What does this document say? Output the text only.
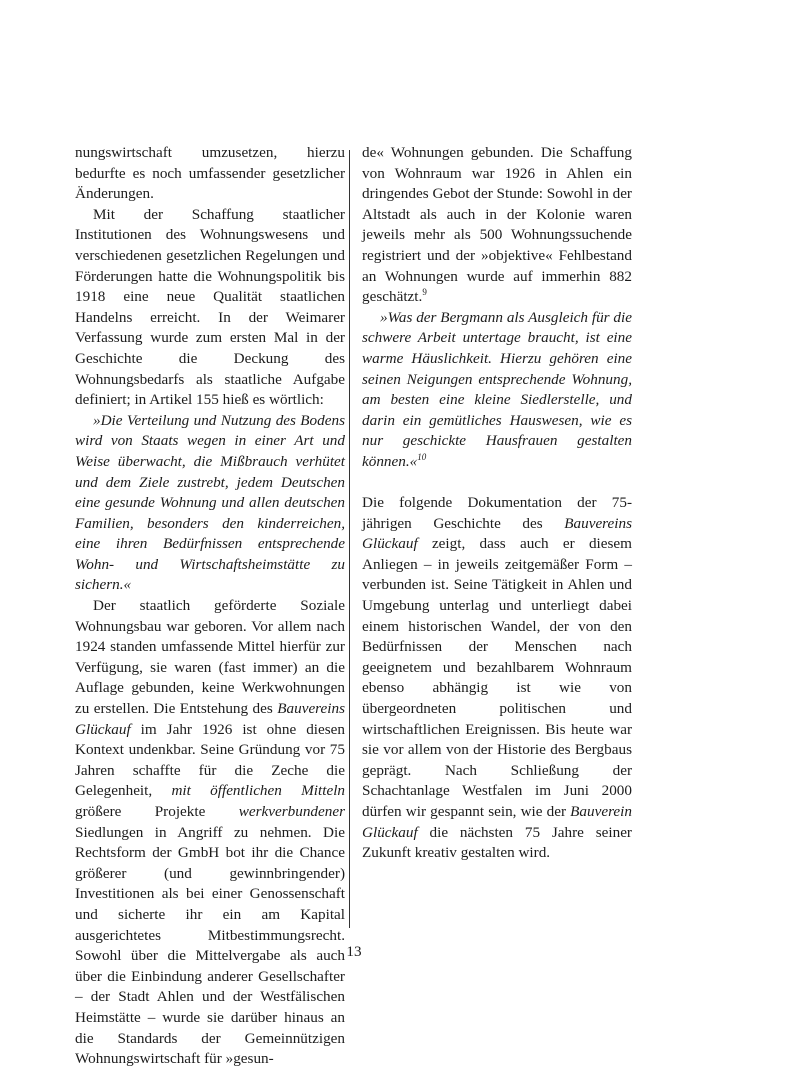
nungswirtschaft umzusetzen, hierzu bedurfte es noch umfassender gesetzlicher Änderungen.

Mit der Schaffung staatlicher Institutionen des Wohnungswesens und verschiedenen gesetzlichen Regelungen und Förderungen hatte die Wohnungspolitik bis 1918 eine neue Qualität staatlichen Handelns erreicht. In der Weimarer Verfassung wurde zum ersten Mal in der Geschichte die Deckung des Wohnungsbedarfs als staatliche Aufgabe definiert; in Artikel 155 hieß es wörtlich:

»Die Verteilung und Nutzung des Bodens wird von Staats wegen in einer Art und Weise überwacht, die Mißbrauch verhütet und dem Ziele zustrebt, jedem Deutschen eine gesunde Wohnung und allen deutschen Familien, besonders den kinderreichen, eine ihren Bedürfnissen entsprechende Wohn- und Wirtschaftsheimstätte zu sichern.«

Der staatlich geförderte Soziale Wohnungsbau war geboren. Vor allem nach 1924 standen umfassende Mittel hierfür zur Verfügung, sie waren (fast immer) an die Auflage gebunden, keine Werkwohnungen zu erstellen. Die Entstehung des Bauvereins Glückauf im Jahr 1926 ist ohne diesen Kontext undenkbar. Seine Gründung vor 75 Jahren schaffte für die Zeche die Gelegenheit, mit öffentlichen Mitteln größere Projekte werkverbundener Siedlungen in Angriff zu nehmen. Die Rechtsform der GmbH bot ihr die Chance größerer (und gewinnbringender) Investitionen als bei einer Genossenschaft und sicherte ihr ein am Kapital ausgerichtetes Mitbestimmungsrecht. Sowohl über die Mittelvergabe als auch über die Einbindung anderer Gesellschafter – der Stadt Ahlen und der Westfälischen Heimstätte – wurde sie darüber hinaus an die Standards der Gemeinnützigen Wohnungswirtschaft für »gesun-

de« Wohnungen gebunden. Die Schaffung von Wohnraum war 1926 in Ahlen ein dringendes Gebot der Stunde: Sowohl in der Altstadt als auch in der Kolonie waren jeweils mehr als 500 Wohnungssuchende registriert und der »objektive« Fehlbestand an Wohnungen wurde auf immerhin 882 geschätzt.$^9$

»Was der Bergmann als Ausgleich für die schwere Arbeit untertage braucht, ist eine warme Häuslichkeit. Hierzu gehören eine seinen Neigungen entsprechende Wohnung, am besten eine kleine Siedlerstelle, und darin ein gemütliches Hauswesen, wie es nur geschickte Hausfrauen gestalten können.«$^{10}$

Die folgende Dokumentation der 75-jährigen Geschichte des Bauvereins Glückauf zeigt, dass auch er diesem Anliegen – in jeweils zeitgemäßer Form – verbunden ist. Seine Tätigkeit in Ahlen und Umgebung unterlag und unterliegt dabei einem historischen Wandel, der von den Bedürfnissen der Menschen nach geeignetem und bezahlbarem Wohnraum ebenso abhängig ist wie von übergeordneten politischen und wirtschaftlichen Ereignissen. Bis heute war sie vor allem von der Historie des Bergbaus geprägt. Nach Schließung der Schachtanlage Westfalen im Juni 2000 dürfen wir gespannt sein, wie der Bauverein Glückauf die nächsten 75 Jahre seiner Zukunft kreativ gestalten wird.

13
